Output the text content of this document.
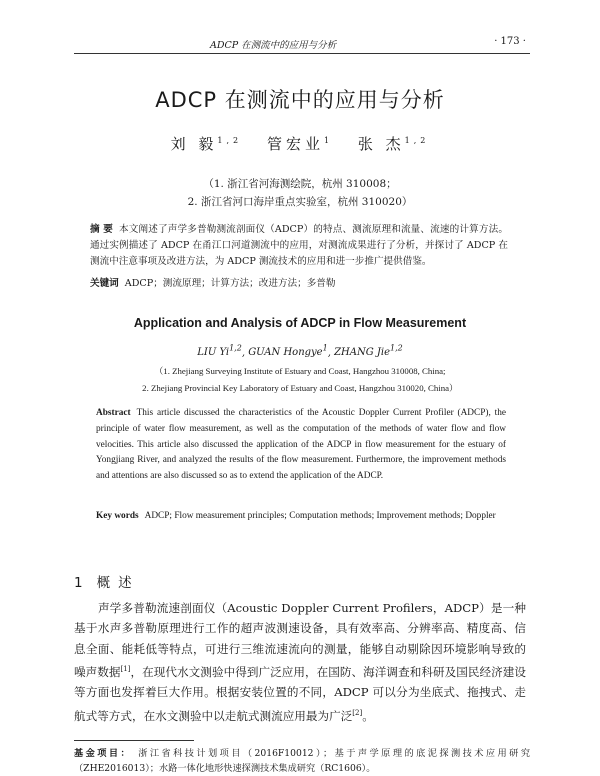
ADCP 在测流中的应用与分析	· 173 ·
ADCP 在测流中的应用与分析
刘 毅$^{1,2}$ 管宏业$^1$ 张 杰$^{1,2}$
（1. 浙江省河海测绘院，杭州 310008；
2. 浙江省河口海岸重点实验室，杭州 310020）
摘 要 本文阐述了声学多普勒测流剖面仪（ADCP）的特点、测流原理和流量、流速的计算方法。通过实例描述了 ADCP 在甬江口河道测流中的应用，对测流成果进行了分析，并探讨了 ADCP 在测流中注意事项及改进方法，为 ADCP 测流技术的应用和进一步推广提供借鉴。
关键词 ADCP；测流原理；计算方法；改进方法；多普勒
Application and Analysis of ADCP in Flow Measurement
LIU Yi$^{1,2}$, GUAN Hongye$^1$, ZHANG Jie$^{1,2}$
（1. Zhejiang Surveying Institute of Estuary and Coast, Hangzhou 310008, China;
2. Zhejiang Provincial Key Laboratory of Estuary and Coast, Hangzhou 310020, China）
Abstract This article discussed the characteristics of the Acoustic Doppler Current Profiler (ADCP), the principle of water flow measurement, as well as the computation of the methods of water flow and flow velocities. This article also discussed the application of the ADCP in flow measurement for the estuary of Yongjiang River, and analyzed the results of the flow measurement. Furthermore, the improvement methods and attentions are also discussed so as to extend the application of the ADCP.
Key words ADCP; Flow measurement principles; Computation methods; Improvement methods; Doppler
1 概述
声学多普勒流速剖面仪（Acoustic Doppler Current Profilers，ADCP）是一种基于水声多普勒原理进行工作的超声波测速设备，具有效率高、分辨率高、精度高、信息全面、能耗低等特点，可进行三维流速流向的测量，能够自动剔除因环境影响导致的噪声数据[1]，在现代水文测验中得到广泛应用，在国防、海洋调查和科研及国民经济建设等方面也发挥着巨大作用。根据安装位置的不同，ADCP 可以分为坐底式、拖拽式、走航式等方式，在水文测验中以走航式测流应用最为广泛[2]。
基金项目： 浙江省科技计划项目（2016F10012）；基于声学原理的底泥探测技术应用研究（ZHE2016013）；水路一体化地形快速探测技术集成研究（RC1606）。
